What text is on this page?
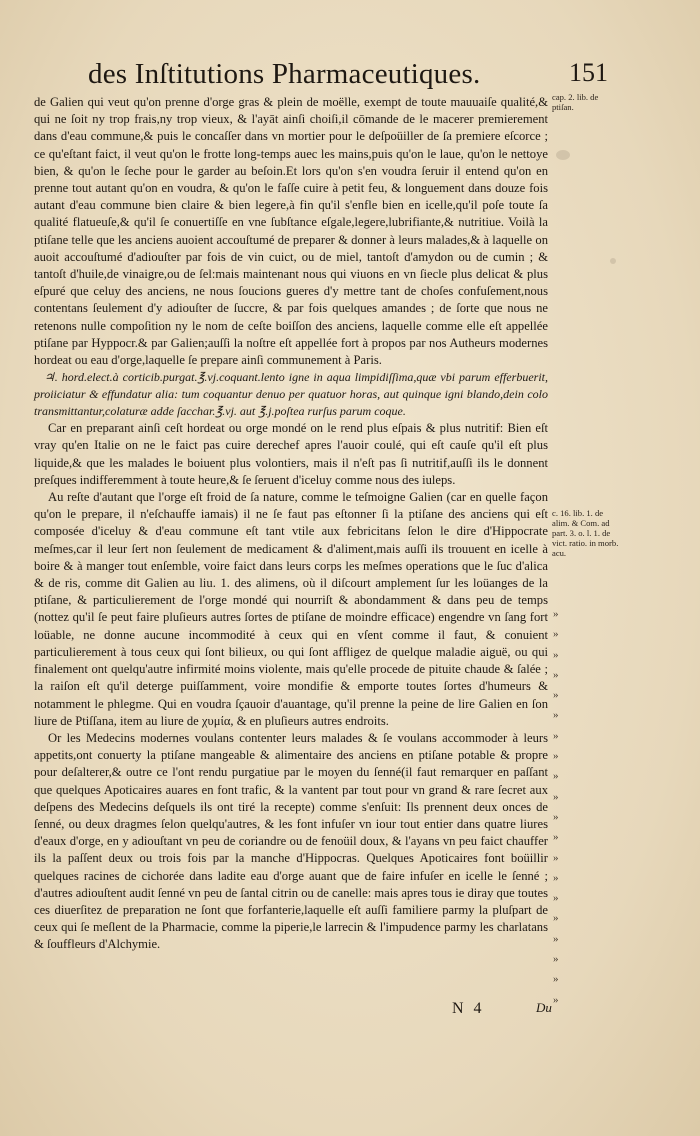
des Inſtitutions Pharmaceutiques.	151

de Galien qui veut qu'on prenne d'orge gras & plein de moëlle, exempt de toute mauuaiſe qualité,& qui ne ſoit ny trop frais,ny trop vieux, & l'ayāt ainſi choiſi,il cōmande de le macerer premierement dans d'eau commune,& puis le concaſſer dans vn mortier pour le deſpoüiller de ſa premiere eſcorce ; ce qu'eſtant faict, il veut qu'on le frotte long-temps auec les mains,puis qu'on le laue, qu'on le nettoye bien, & qu'on le ſeche pour le garder au beſoin.Et lors qu'on s'en voudra ſeruir il entend qu'on en prenne tout autant qu'on en voudra, & qu'on le faſſe cuire à petit feu, & longuement dans douze fois autant d'eau commune bien claire & bien legere,à fin qu'il s'enfle bien en icelle,qu'il poſe toute ſa qualité flatueuſe,& qu'il ſe conuertiſſe en vne ſubſtance eſgale,legere,lubrifiante,& nutritiue. Voilà la ptiſane telle que les anciens auoient accouſtumé de preparer & donner à leurs malades,& à laquelle on auoit accouſtumé d'adiouſter par fois de vin cuict, ou de miel, tantoſt d'amydon ou de cumin ; & tantoſt d'huile,de vinaigre,ou de ſel:mais maintenant nous qui viuons en vn ſiecle plus delicat & plus eſpuré que celuy des anciens, ne nous ſoucions gueres d'y mettre tant de choſes confuſement,nous contentans ſeulement d'y adiouſter de ſuccre, & par fois quelques amandes ; de ſorte que nous ne retenons nulle compoſition ny le nom de ceſte boiſſon des anciens, laquelle comme elle eſt appellée ptiſane par Hyppocr.& par Galien;auſſi la noſtre eſt appellée fort à propos par nos Autheurs modernes hordeat ou eau d'orge,laquelle ſe prepare ainſi communement à Paris.

♃. hord.elect.à corticib.purgat.℥.vj.coquant.lento igne in aqua limpidiſſima,quæ vbi parum efferbuerit, proiiciatur & effundatur alia: tum coquantur denuo per quatuor horas, aut quinque igni blando,dein colo transmittantur,colaturæ adde ſacchar.℥.vj. aut ℥.j.poſtea rurſus parum coque.

Car en preparant ainſi ceſt hordeat ou orge mondé on le rend plus eſpais & plus nutritif: Bien eſt vray qu'en Italie on ne le faict pas cuire derechef apres l'auoir coulé, qui eſt cauſe qu'il eſt plus liquide,& que les malades le boiuent plus volontiers, mais il n'eſt pas ſi nutritif,auſſi ils le donnent preſques indifferemment à toute heure,& ſe ſeruent d'iceluy comme nous des iuleps.

Au reſte d'autant que l'orge eſt froid de ſa nature, comme le teſmoigne Galien (car en quelle façon qu'on le prepare, il n'eſchauffe iamais) il ne ſe faut pas eſtonner ſi la ptiſane des anciens qui eſt composée d'iceluy & d'eau commune eſt tant vtile aux febricitans ſelon le dire d'Hippocrate meſmes,car il leur ſert non ſeulement de medicament & d'aliment,mais auſſi ils trouuent en icelle à boire & à manger tout enſemble, voire faict dans leurs corps les meſmes operations que le ſuc d'alica & de ris, comme dit Galien au liu. 1. des alimens, où il diſcourt amplement ſur les loüanges de la ptiſane, & particulierement de l'orge mondé qui nourriſt & abondamment & dans peu de temps (nottez qu'il ſe peut faire pluſieurs autres ſortes de ptiſane de moindre efficace) engendre vn ſang fort loüable, ne donne aucune incommodité à ceux qui en vſent comme il faut, & conuient particulierement à tous ceux qui ſont bilieux, ou qui ſont affligez de quelque maladie aiguë, ou qui finalement ont quelqu'autre infirmité moins violente, mais qu'elle procede de pituite chaude & ſalée ; la raiſon eſt qu'il deterge puiſſamment, voire mondifie & emporte toutes ſortes d'humeurs & notamment le phlegme. Qui en voudra ſçauoir d'auantage, qu'il prenne la peine de lire Galien en ſon liure de Ptiſſana, item au liure de χυμία, & en pluſieurs autres endroits.

Or les Medecins modernes voulans contenter leurs malades & ſe voulans accommoder à leurs appetits,ont conuerty la ptiſane mangeable & alimentaire des anciens en ptiſane potable & propre pour deſalterer,& outre ce l'ont rendu purgatiue par le moyen du ſenné(il faut remarquer en paſſant que quelques Apoticaires auares en font trafic, & la vantent par tout pour vn grand & rare ſecret aux deſpens des Medecins deſquels ils ont tiré la recepte) comme s'enſuit: Ils prennent deux onces de ſenné, ou deux dragmes ſelon quelqu'autres, & les font infuſer vn iour tout entier dans quatre liures d'eaux d'orge, en y adiouſtant vn peu de coriandre ou de fenoüil doux, & l'ayans vn peu faict chauffer ils la paſſent deux ou trois fois par la manche d'Hippocras. Quelques Apoticaires font boüillir quelques racines de cichorée dans ladite eau d'orge auant que de faire infuſer en icelle le ſenné ; d'autres adiouſtent audit ſenné vn peu de ſantal citrin ou de canelle: mais apres tous ie diray que toutes ces diuerſitez de preparation ne ſont que forfanterie,laquelle eſt auſſi familiere parmy la pluſpart de ceux qui ſe meſlent de la Pharmacie, comme la piperie,le larrecin & l'impudence parmy les charlatans & ſouffleurs d'Alchymie.

cap. 2. lib. de ptiſan.
c. 16. lib. 1. de alim. & Com. ad part. 3. o. l. 1. de vict. ratio. in morb. acu.
»
»
»
»
»
»
»
»
»
»
»
»
»
»
»
»
»
»
»
»
N 4	Du
